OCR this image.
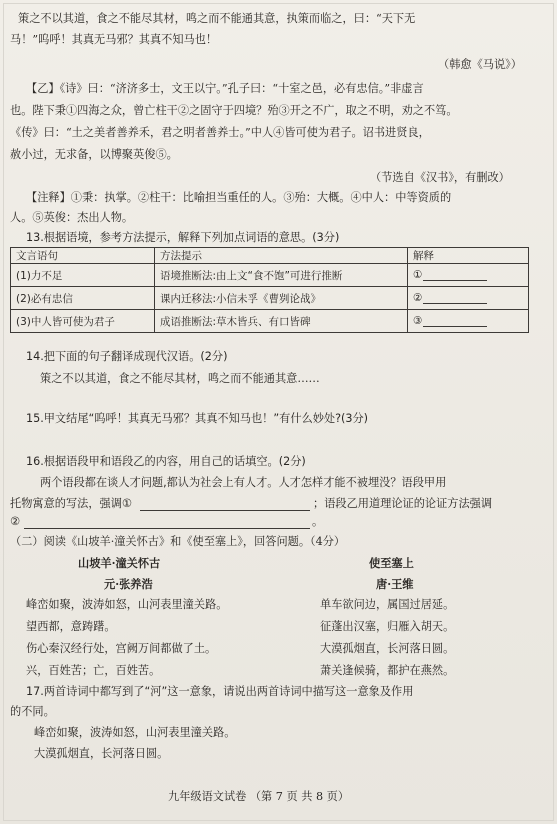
策之不以其道，食之不能尽其材，鸣之而不能通其意，执策而临之，曰：“天下无
马！”呜呼！其真无马邪？其真不知马也！
（韩愈《马说》）
【乙】《诗》曰：“济济多士，文王以宁。”孔子曰：“十室之邑，必有忠信。”非虚言
也。陛下秉①四海之众，曾亡柱干②之固守于四境？殆③开之不广，取之不明，劝之不笃。
《传》曰：“土之美者善养禾，君之明者善养士。”中人④皆可使为君子。诏书进贤良，
赦小过，无求备，以博聚英俊⑤。
（节选自《汉书》，有删改）
【注释】①秉：执掌。②柱干：比喻担当重任的人。③殆：大概。④中人：中等资质的
人。⑤英俊：杰出人物。
13.根据语境，参考方法提示，解释下列加点词语的意思。(3分)
文言语句	方法提示	解释
(1)力不足	语境推断法:由上文“食不饱”可进行推断	①
(2)必有忠信	课内迁移法:小信未孚《曹刿论战》	②
(3)中人皆可使为君子	成语推断法:草木皆兵、有口皆碑	③
14.把下面的句子翻译成现代汉语。(2分)
策之不以其道，食之不能尽其材，鸣之而不能通其意……
15.甲文结尾“呜呼！其真无马邪？其真不知马也！”有什么妙处?(3分)
16.根据语段甲和语段乙的内容，用自己的话填空。(2分)
两个语段都在谈人才问题,都认为社会上有人才。人才怎样才能不被埋没？语段甲用
托物寓意的写法，强调①	；语段乙用道理论证的论证方法强调
②	。
（二）阅读《山坡羊·潼关怀古》和《使至塞上》，回答问题。（4分）
山坡羊·潼关怀古
元·张养浩
峰峦如聚，波涛如怒，山河表里潼关路。
望西都，意踌躇。
伤心秦汉经行处，宫阙万间都做了土。
兴，百姓苦；亡，百姓苦。
使至塞上
唐·王维
单车欲问边，属国过居延。
征蓬出汉塞，归雁入胡天。
大漠孤烟直，长河落日圆。
萧关逢候骑，都护在燕然。
17.两首诗词中都写到了“河”这一意象，请说出两首诗词中描写这一意象及作用
的不同。
峰峦如聚，波涛如怒，山河表里潼关路。
大漠孤烟直，长河落日圆。
九年级语文试卷 （第 7 页 共 8 页）
